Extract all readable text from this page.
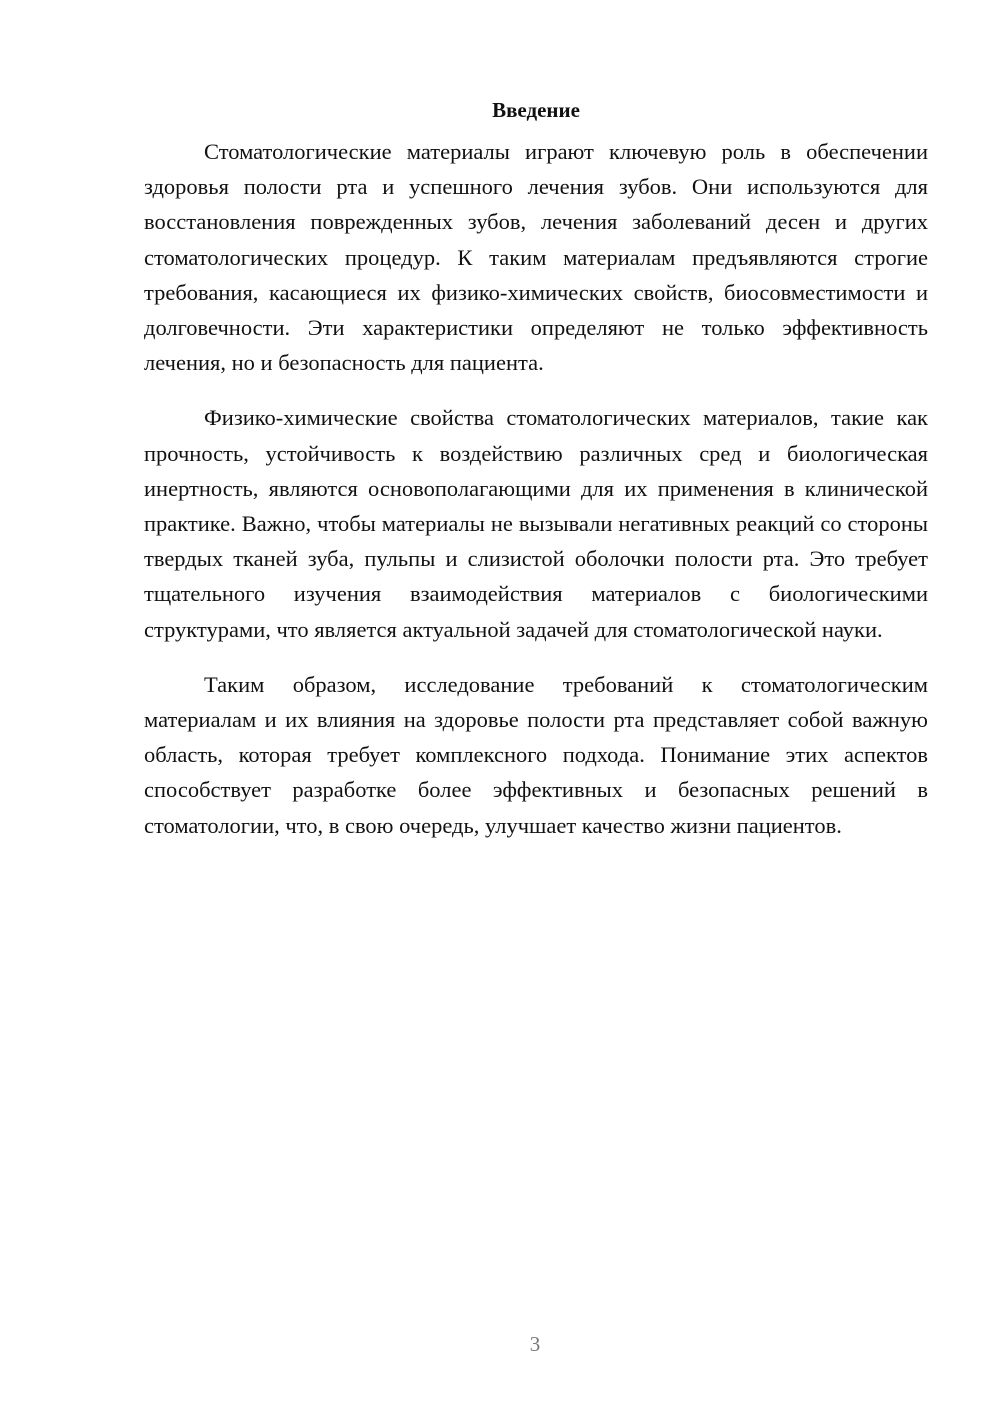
Введение

Стоматологические материалы играют ключевую роль в обеспечении здоровья полости рта и успешного лечения зубов. Они используются для восстановления поврежденных зубов, лечения заболеваний десен и других стоматологических процедур. К таким материалам предъявляются строгие требования, касающиеся их физико-химических свойств, биосовместимости и долговечности. Эти характеристики определяют не только эффективность лечения, но и безопасность для пациента.

Физико-химические свойства стоматологических материалов, такие как прочность, устойчивость к воздействию различных сред и биологическая инертность, являются основополагающими для их применения в клинической практике. Важно, чтобы материалы не вызывали негативных реакций со стороны твердых тканей зуба, пульпы и слизистой оболочки полости рта. Это требует тщательного изучения взаимодействия материалов с биологическими структурами, что является актуальной задачей для стоматологической науки.

Таким образом, исследование требований к стоматологическим материалам и их влияния на здоровье полости рта представляет собой важную область, которая требует комплексного подхода. Понимание этих аспектов способствует разработке более эффективных и безопасных решений в стоматологии, что, в свою очередь, улучшает качество жизни пациентов.

3
